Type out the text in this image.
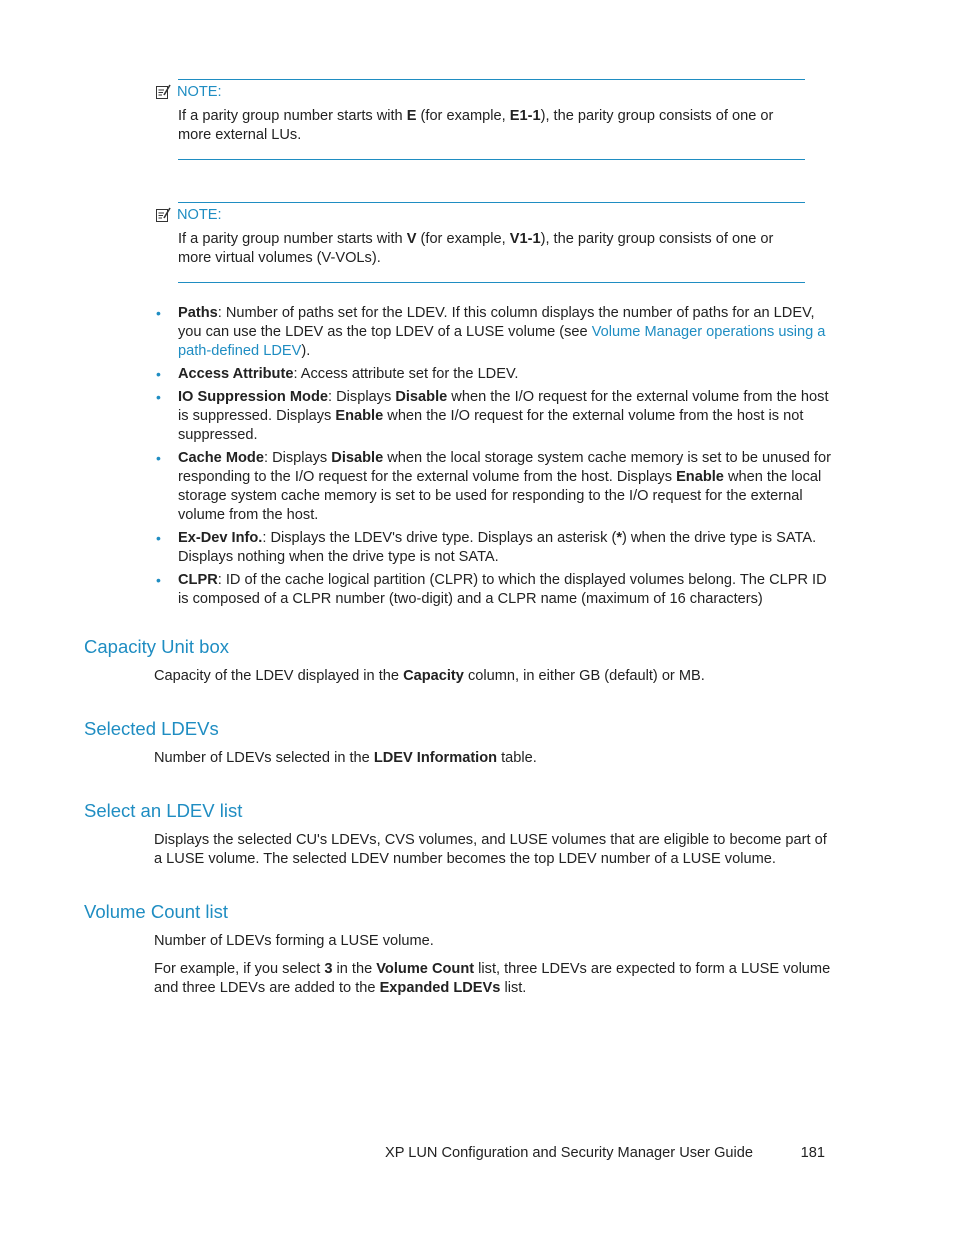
NOTE:
If a parity group number starts with E (for example, E1-1), the parity group consists of one or more external LUs.
NOTE:
If a parity group number starts with V (for example, V1-1), the parity group consists of one or more virtual volumes (V-VOLs).
• Paths: Number of paths set for the LDEV. If this column displays the number of paths for an LDEV, you can use the LDEV as the top LDEV of a LUSE volume (see Volume Manager operations using a path-defined LDEV).
• Access Attribute: Access attribute set for the LDEV.
• IO Suppression Mode: Displays Disable when the I/O request for the external volume from the host is suppressed. Displays Enable when the I/O request for the external volume from the host is not suppressed.
• Cache Mode: Displays Disable when the local storage system cache memory is set to be unused for responding to the I/O request for the external volume from the host. Displays Enable when the local storage system cache memory is set to be used for responding to the I/O request for the external volume from the host.
• Ex-Dev Info.: Displays the LDEV's drive type. Displays an asterisk (*) when the drive type is SATA. Displays nothing when the drive type is not SATA.
• CLPR: ID of the cache logical partition (CLPR) to which the displayed volumes belong. The CLPR ID is composed of a CLPR number (two-digit) and a CLPR name (maximum of 16 characters)
Capacity Unit box
Capacity of the LDEV displayed in the Capacity column, in either GB (default) or MB.
Selected LDEVs
Number of LDEVs selected in the LDEV Information table.
Select an LDEV list
Displays the selected CU's LDEVs, CVS volumes, and LUSE volumes that are eligible to become part of a LUSE volume. The selected LDEV number becomes the top LDEV number of a LUSE volume.
Volume Count list
Number of LDEVs forming a LUSE volume.
For example, if you select 3 in the Volume Count list, three LDEVs are expected to form a LUSE volume and three LDEVs are added to the Expanded LDEVs list.
XP LUN Configuration and Security Manager User Guide	181
